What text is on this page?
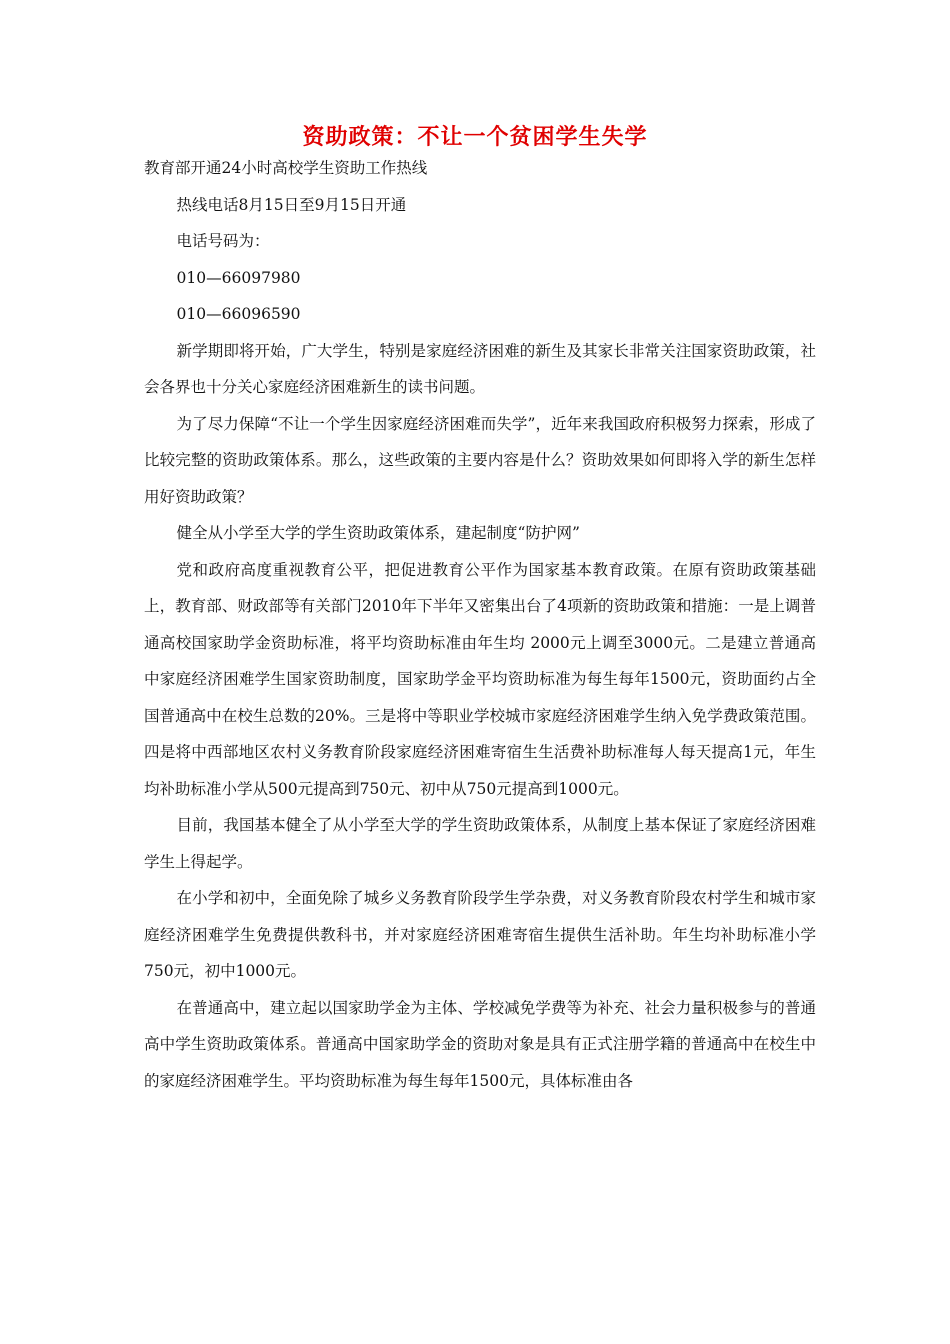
资助政策：不让一个贫困学生失学

教育部开通24小时高校学生资助工作热线

热线电话8月15日至9月15日开通

电话号码为：

010—66097980

010—66096590

新学期即将开始，广大学生，特别是家庭经济困难的新生及其家长非常关注国家资助政策，社会各界也十分关心家庭经济困难新生的读书问题。

为了尽力保障“不让一个学生因家庭经济困难而失学”，近年来我国政府积极努力探索，形成了比较完整的资助政策体系。那么，这些政策的主要内容是什么？资助效果如何即将入学的新生怎样用好资助政策？

健全从小学至大学的学生资助政策体系，建起制度“防护网”

党和政府高度重视教育公平，把促进教育公平作为国家基本教育政策。在原有资助政策基础上，教育部、财政部等有关部门2010年下半年又密集出台了4项新的资助政策和措施：一是上调普通高校国家助学金资助标准，将平均资助标准由年生均 2000元上调至3000元。二是建立普通高中家庭经济困难学生国家资助制度，国家助学金平均资助标准为每生每年1500元，资助面约占全国普通高中在校生总数的20%。三是将中等职业学校城市家庭经济困难学生纳入免学费政策范围。四是将中西部地区农村义务教育阶段家庭经济困难寄宿生生活费补助标准每人每天提高1元，年生均补助标准小学从500元提高到750元、初中从750元提高到1000元。

目前，我国基本健全了从小学至大学的学生资助政策体系，从制度上基本保证了家庭经济困难学生上得起学。

在小学和初中，全面免除了城乡义务教育阶段学生学杂费，对义务教育阶段农村学生和城市家庭经济困难学生免费提供教科书，并对家庭经济困难寄宿生提供生活补助。年生均补助标准小学750元，初中1000元。

在普通高中，建立起以国家助学金为主体、学校减免学费等为补充、社会力量积极参与的普通高中学生资助政策体系。普通高中国家助学金的资助对象是具有正式注册学籍的普通高中在校生中的家庭经济困难学生。平均资助标准为每生每年1500元，具体标准由各
